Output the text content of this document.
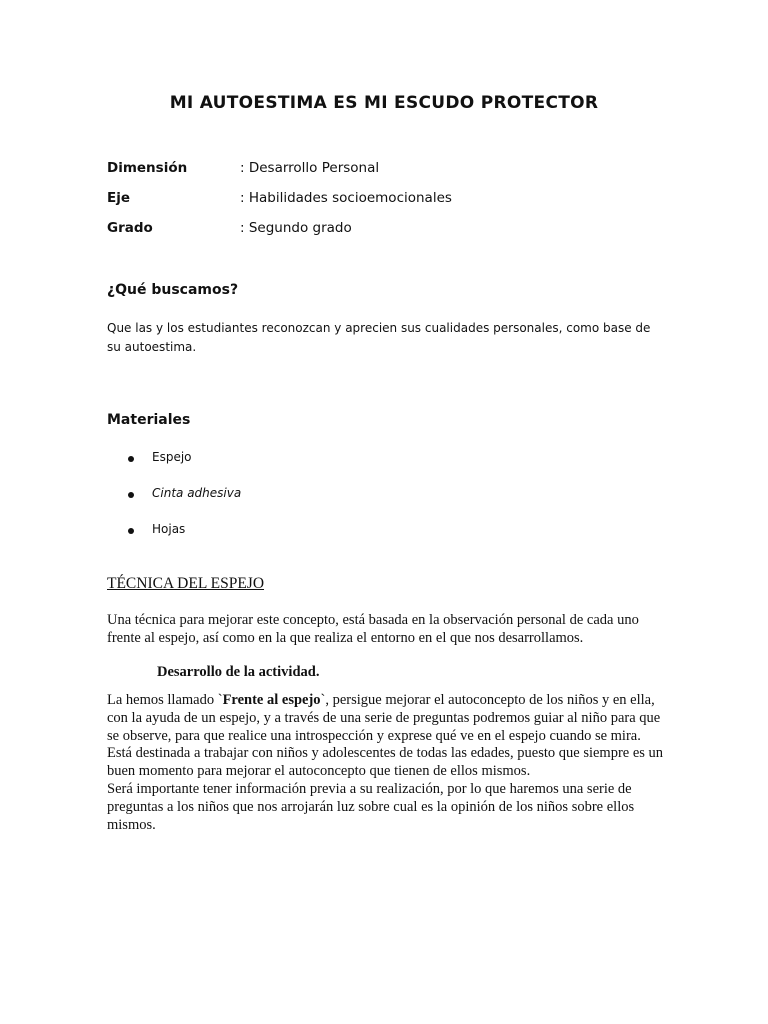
MI AUTOESTIMA ES MI ESCUDO PROTECTOR
Dimensión	: Desarrollo Personal
Eje	: Habilidades socioemocionales
Grado	: Segundo grado
¿Qué buscamos?
Que las y los estudiantes reconozcan y aprecien sus cualidades personales, como base de su autoestima.
Materiales
Espejo
Cinta adhesiva
Hojas
TÉCNICA DEL ESPEJO
Una técnica para mejorar este concepto, está basada en la observación personal de cada uno frente al espejo, así como en la que realiza el entorno en el que nos desarrollamos.
Desarrollo de la actividad.

La hemos llamado `Frente al espejo`, persigue mejorar el autoconcepto de los niños y en ella, con la ayuda de un espejo, y a través de una serie de preguntas podremos guiar al niño para que se observe, para que realice una introspección y exprese qué ve en el espejo cuando se mira.

Está destinada a trabajar con niños y adolescentes de todas las edades, puesto que siempre es un buen momento para mejorar el autoconcepto que tienen de ellos mismos.

Será importante tener información previa a su realización, por lo que haremos una serie de preguntas a los niños que nos arrojarán luz sobre cual es la opinión de los niños sobre ellos mismos.
